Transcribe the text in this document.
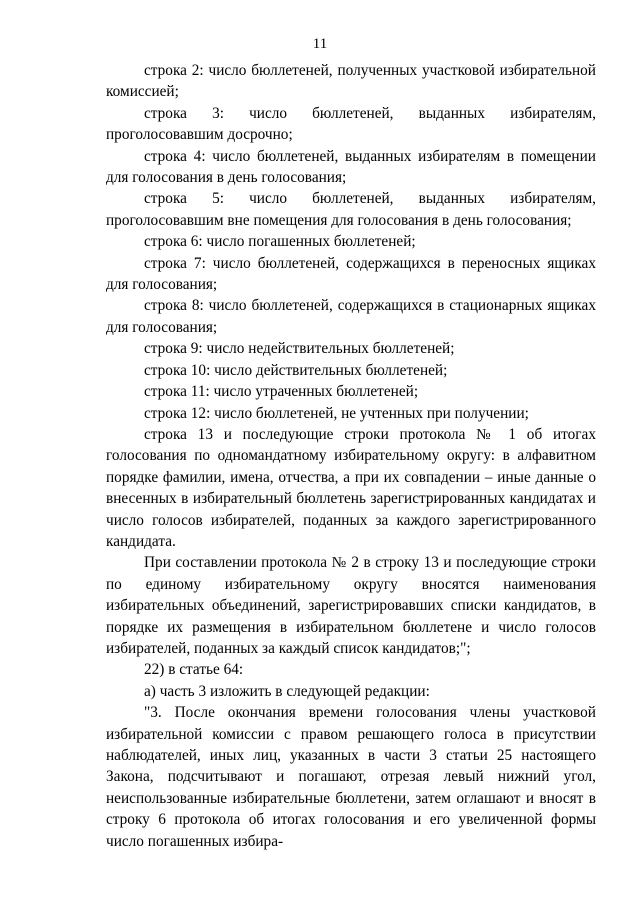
11

строка 2: число бюллетеней, полученных участковой избирательной комиссией;

строка 3: число бюллетеней, выданных избирателям, проголосовавшим досрочно;

строка 4: число бюллетеней, выданных избирателям в помещении для голосования в день голосования;

строка 5: число бюллетеней, выданных избирателям, проголосовавшим вне помещения для голосования в день голосования;

строка 6: число погашенных бюллетеней;

строка 7: число бюллетеней, содержащихся в переносных ящиках для голосования;

строка 8: число бюллетеней, содержащихся в стационарных ящиках для голосования;

строка 9: число недействительных бюллетеней;

строка 10: число действительных бюллетеней;

строка 11: число утраченных бюллетеней;

строка 12: число бюллетеней, не учтенных при получении;

строка 13 и последующие строки протокола № 1 об итогах голосования по одномандатному избирательному округу: в алфавитном порядке фамилии, имена, отчества, а при их совпадении – иные данные о внесенных в избирательный бюллетень зарегистрированных кандидатах и число голосов избирателей, поданных за каждого зарегистрированного кандидата.

При составлении протокола № 2 в строку 13 и последующие строки по единому избирательному округу вносятся наименования избирательных объединений, зарегистрировавших списки кандидатов, в порядке их размещения в избирательном бюллетене и число голосов избирателей, поданных за каждый список кандидатов;";

22) в статье 64:

а) часть 3 изложить в следующей редакции:

"3. После окончания времени голосования члены участковой избирательной комиссии с правом решающего голоса в присутствии наблюдателей, иных лиц, указанных в части 3 статьи 25 настоящего Закона, подсчитывают и погашают, отрезая левый нижний угол, неиспользованные избирательные бюллетени, затем оглашают и вносят в строку 6 протокола об итогах голосования и его увеличенной формы число погашенных избира-
